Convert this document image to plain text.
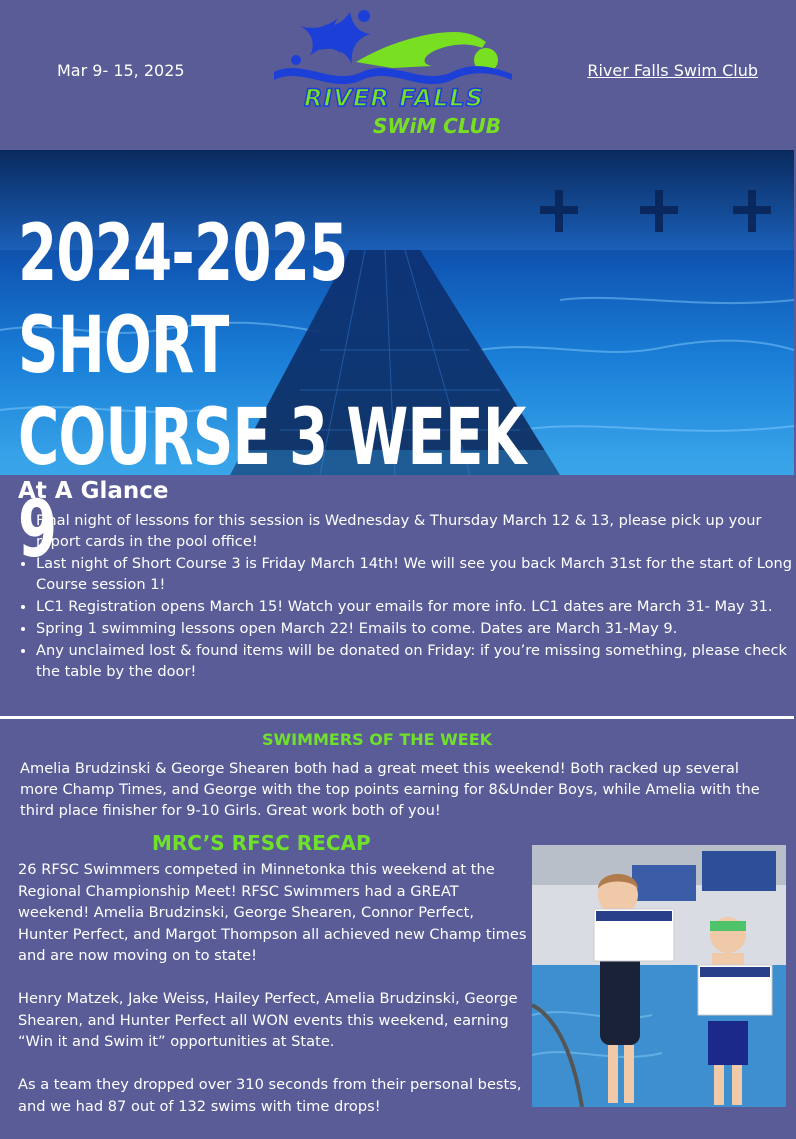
Mar 9- 15, 2025
RIVER FALLS
SWiM CLUB
River Falls Swim Club
2024-2025 SHORT
COURSE 3 WEEK 9
At A Glance
• Final night of lessons for this session is Wednesday & Thursday March 12 & 13, please pick up your report cards in the pool office!
• Last night of Short Course 3 is Friday March 14th! We will see you back March 31st for the start of Long Course session 1!
• LC1 Registration opens March 15! Watch your emails for more info. LC1 dates are March 31- May 31.
• Spring 1 swimming lessons open March 22! Emails to come. Dates are March 31-May 9.
• Any unclaimed lost & found items will be donated on Friday: if you’re missing something, please check the table by the door!
SWIMMERS OF THE WEEK
Amelia Brudzinski & George Shearen both had a great meet this weekend! Both racked up several more Champ Times, and George with the top points earning for 8&Under Boys, while Amelia with the third place finisher for 9-10 Girls. Great work both of you!
MRC’S RFSC RECAP

26 RFSC Swimmers competed in Minnetonka this weekend at the Regional Championship Meet! RFSC Swimmers had a GREAT weekend! Amelia Brudzinski, George Shearen, Connor Perfect, Hunter Perfect, and Margot Thompson all achieved new Champ times and are now moving on to state!

Henry Matzek, Jake Weiss, Hailey Perfect, Amelia Brudzinski, George Shearen, and Hunter Perfect all WON events this weekend, earning “Win it and Swim it” opportunities at State.

As a team they dropped over 310 seconds from their personal bests, and we had 87 out of 132 swims with time drops!
